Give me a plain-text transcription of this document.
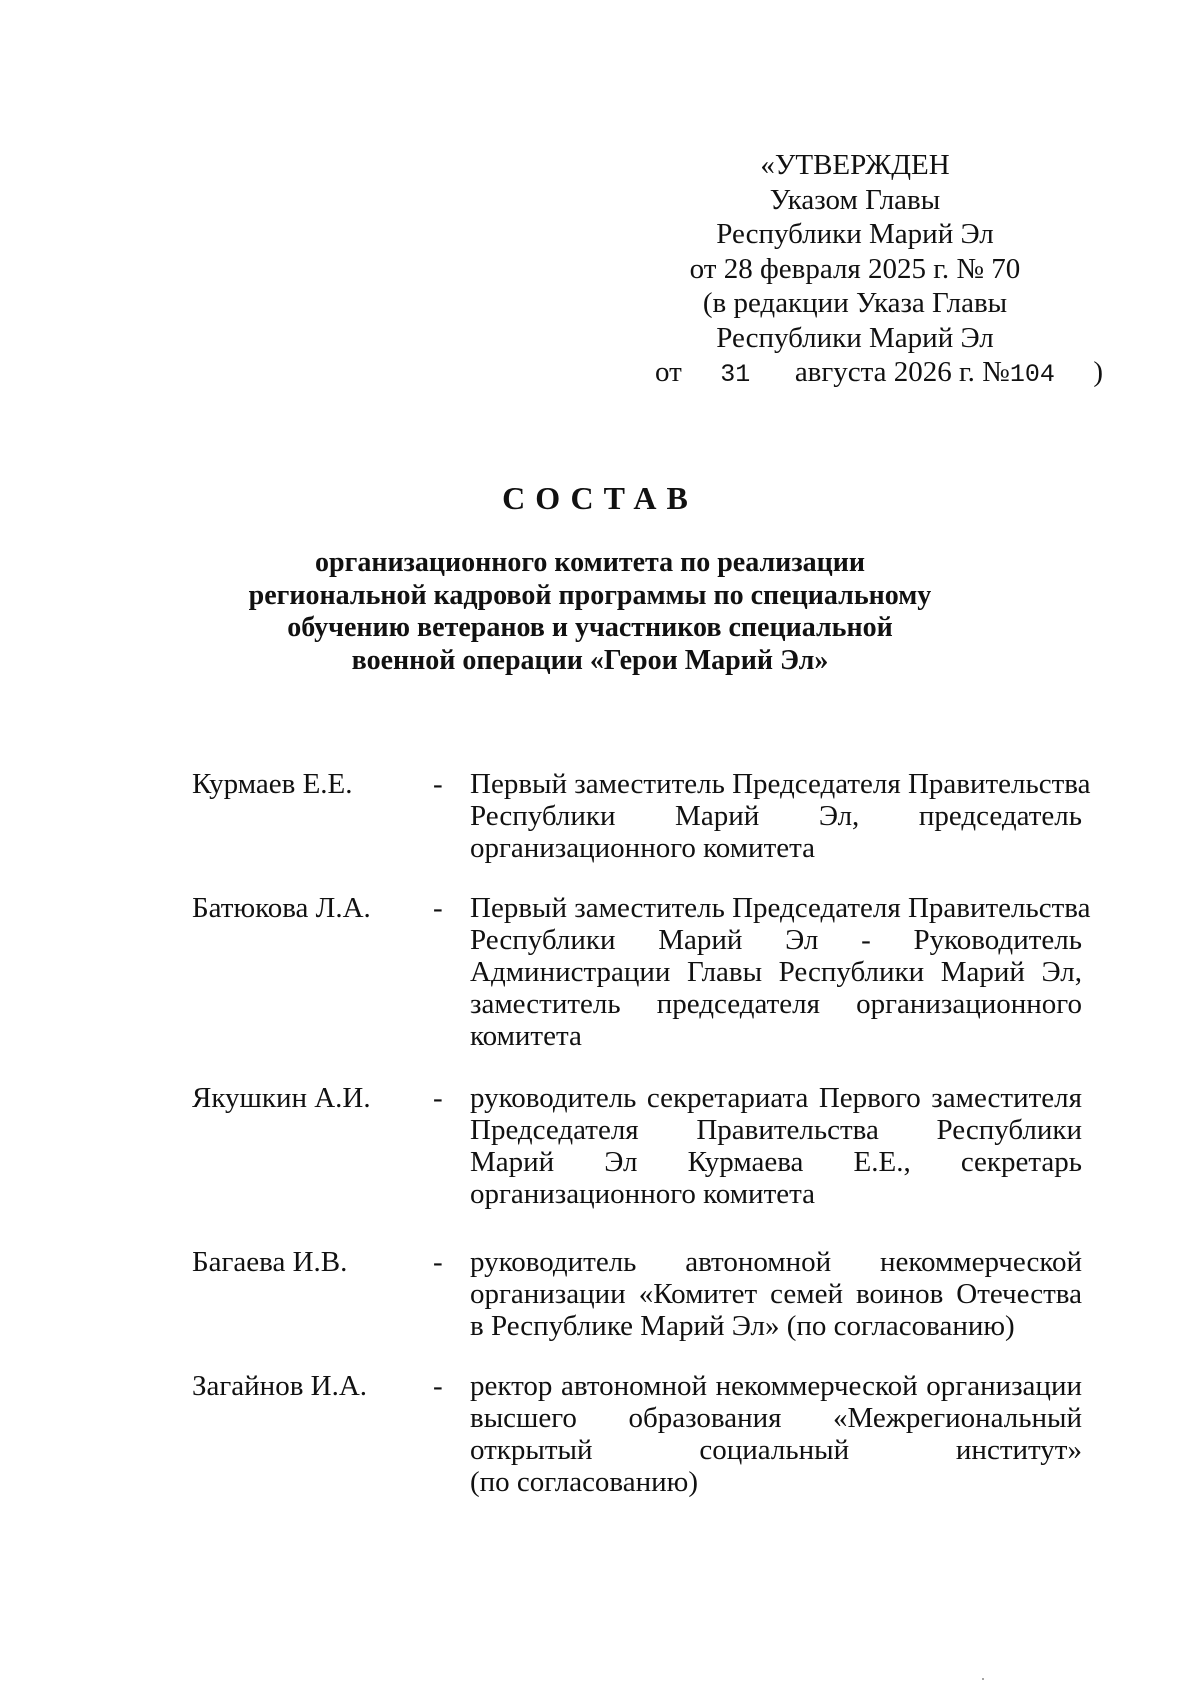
«УТВЕРЖДЕН
Указом Главы
Республики Марий Эл
от 28 февраля 2025 г. № 70
(в редакции Указа Главы
Республики Марий Эл
от 31 августа 2026 г. №104 )
СОСТАВ
организационного комитета по реализации
региональной кадровой программы по специальному
обучению ветеранов и участников специальной
военной операции «Герои Марий Эл»
Курмаев Е.Е.	- Первый заместитель Председателя Правительства
Республики Марий Эл, председатель
организационного комитета
Батюкова Л.А. - Первый заместитель Председателя Правительства
Республики Марий Эл - Руководитель
Администрации Главы Республики Марий Эл,
заместитель председателя организационного
комитета
Якушкин А.И. - руководитель секретариата Первого заместителя
Председателя Правительства Республики
Марий Эл Курмаева Е.Е., секретарь
организационного комитета
Багаева И.В.	- руководитель автономной некоммерческой
организации «Комитет семей воинов Отечества
в Республике Марий Эл» (по согласованию)
Загайнов И.А. - ректор автономной некоммерческой организации
высшего образования «Межрегиональный
открытый	социальный	институт»
(по согласованию)
